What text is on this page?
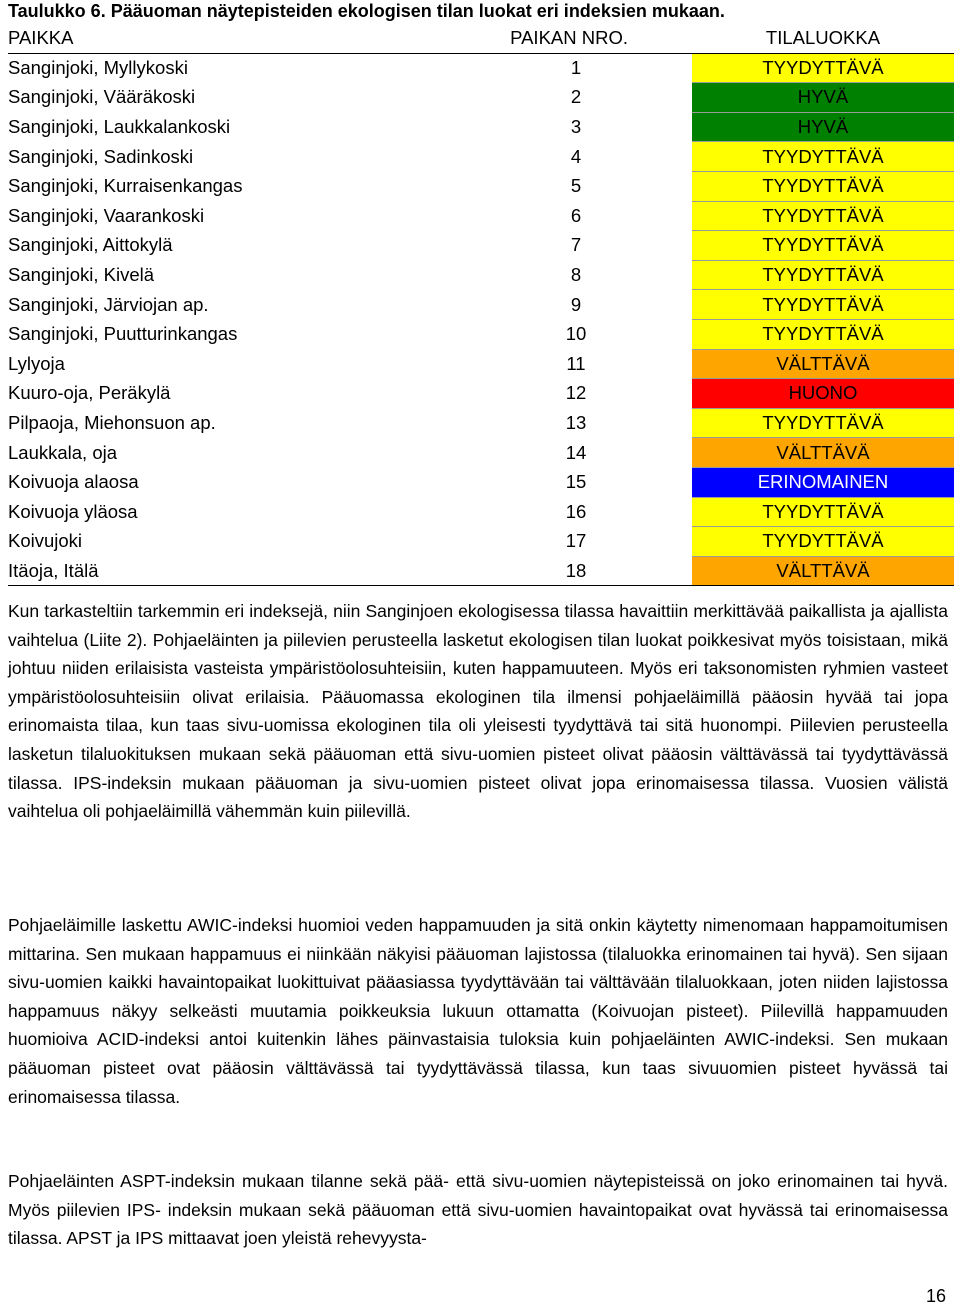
Taulukko 6. Pääuoman näytepisteiden ekologisen tilan luokat eri indeksien mukaan.
PAIKKA	PAIKAN NRO.	TILALUOKKA
Sanginjoki, Myllykoski	1	TYYDYTTÄVÄ
Sanginjoki, Vääräkoski	2	HYVÄ
Sanginjoki, Laukkalankoski	3	HYVÄ
Sanginjoki, Sadinkoski	4	TYYDYTTÄVÄ
Sanginjoki, Kurraisenkangas	5	TYYDYTTÄVÄ
Sanginjoki, Vaarankoski	6	TYYDYTTÄVÄ
Sanginjoki, Aittokylä	7	TYYDYTTÄVÄ
Sanginjoki, Kivelä	8	TYYDYTTÄVÄ
Sanginjoki, Järviojan ap.	9	TYYDYTTÄVÄ
Sanginjoki, Puutturinkangas	10	TYYDYTTÄVÄ
Lylyoja	11	VÄLTTÄVÄ
Kuuro-oja, Peräkylä	12	HUONO
Pilpaoja, Miehonsuon ap.	13	TYYDYTTÄVÄ
Laukkala, oja	14	VÄLTTÄVÄ
Koivuoja alaosa	15	ERINOMAINEN
Koivuoja yläosa	16	TYYDYTTÄVÄ
Koivujoki	17	TYYDYTTÄVÄ
Itäoja, Itälä	18	VÄLTTÄVÄ

Kun tarkasteltiin tarkemmin eri indeksejä, niin Sanginjoen ekologisessa tilassa havaittiin merkittävää paikallista ja ajallista vaihtelua (Liite 2). Pohjaeläinten ja piilevien perusteella lasketut ekologisen tilan luokat poikkesivat myös toisistaan, mikä johtuu niiden erilaisista vasteista ympäristöolosuhteisiin, kuten happamuuteen. Myös eri taksonomisten ryhmien vasteet ympäristöolosuhteisiin olivat erilaisia. Pääuomassa ekologinen tila ilmensi pohjaeläimillä pääosin hyvää tai jopa erinomaista tilaa, kun taas sivu-uomissa ekologinen tila oli yleisesti tyydyttävä tai sitä huonompi. Piilevien perusteella lasketun tilaluokituksen mukaan sekä pääuoman että sivu-uomien pisteet olivat pääosin välttävässä tai tyydyttävässä tilassa. IPS-indeksin mukaan pääuoman ja sivu-uomien pisteet olivat jopa erinomaisessa tilassa. Vuosien välistä vaihtelua oli pohjaeläimillä vähemmän kuin piilevillä.

Pohjaeläimille laskettu AWIC-indeksi huomioi veden happamuuden ja sitä onkin käytetty nimenomaan happamoitumisen mittarina. Sen mukaan happamuus ei niinkään näkyisi pääuoman lajistossa (tilaluokka erinomainen tai hyvä). Sen sijaan sivu-uomien kaikki havaintopaikat luokittuivat pääasiassa tyydyttävään tai välttävään tilaluokkaan, joten niiden lajistossa happamuus näkyy selkeästi muutamia poikkeuksia lukuun ottamatta (Koivuojan pisteet). Piilevillä happamuuden huomioiva ACID-indeksi antoi kuitenkin lähes päinvastaisia tuloksia kuin pohjaeläinten AWIC-indeksi. Sen mukaan pääuoman pisteet ovat pääosin välttävässä tai tyydyttävässä tilassa, kun taas sivuuomien pisteet hyvässä tai erinomaisessa tilassa.

Pohjaeläinten ASPT-indeksin mukaan tilanne sekä pää- että sivu-uomien näytepisteissä on joko erinomainen tai hyvä. Myös piilevien IPS- indeksin mukaan sekä pääuoman että sivu-uomien havaintopaikat ovat hyvässä tai erinomaisessa tilassa. APST ja IPS mittaavat joen yleistä rehevyysta-

16
